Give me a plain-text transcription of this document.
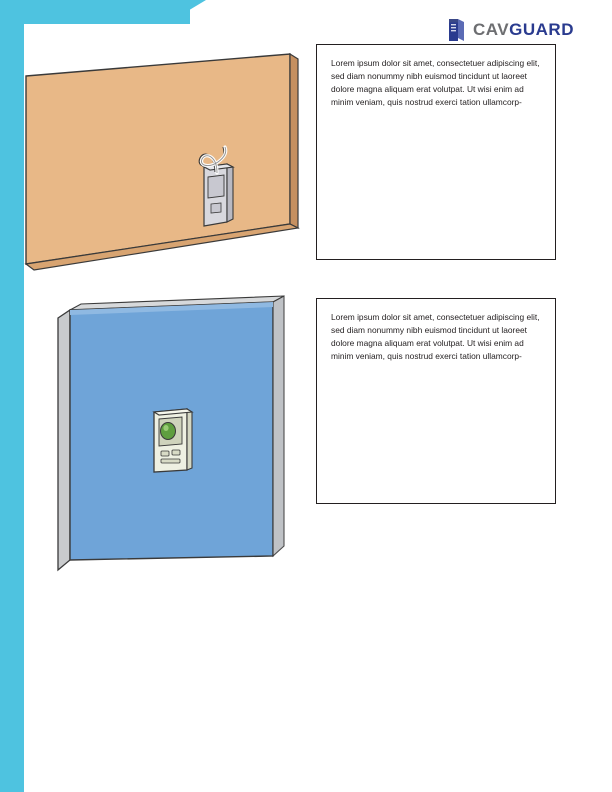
CAVGUARD

Lorem ipsum dolor sit amet, consectetuer adipiscing elit, sed diam nonummy nibh euismod tincidunt ut laoreet dolore magna aliquam erat volutpat. Ut wisi enim ad minim veniam, quis nostrud exerci tation ullamcorp-

Lorem ipsum dolor sit amet, consectetuer adipiscing elit, sed diam nonummy nibh euismod tincidunt ut laoreet dolore magna aliquam erat volutpat. Ut wisi enim ad minim veniam, quis nostrud exerci tation ullamcorp-
